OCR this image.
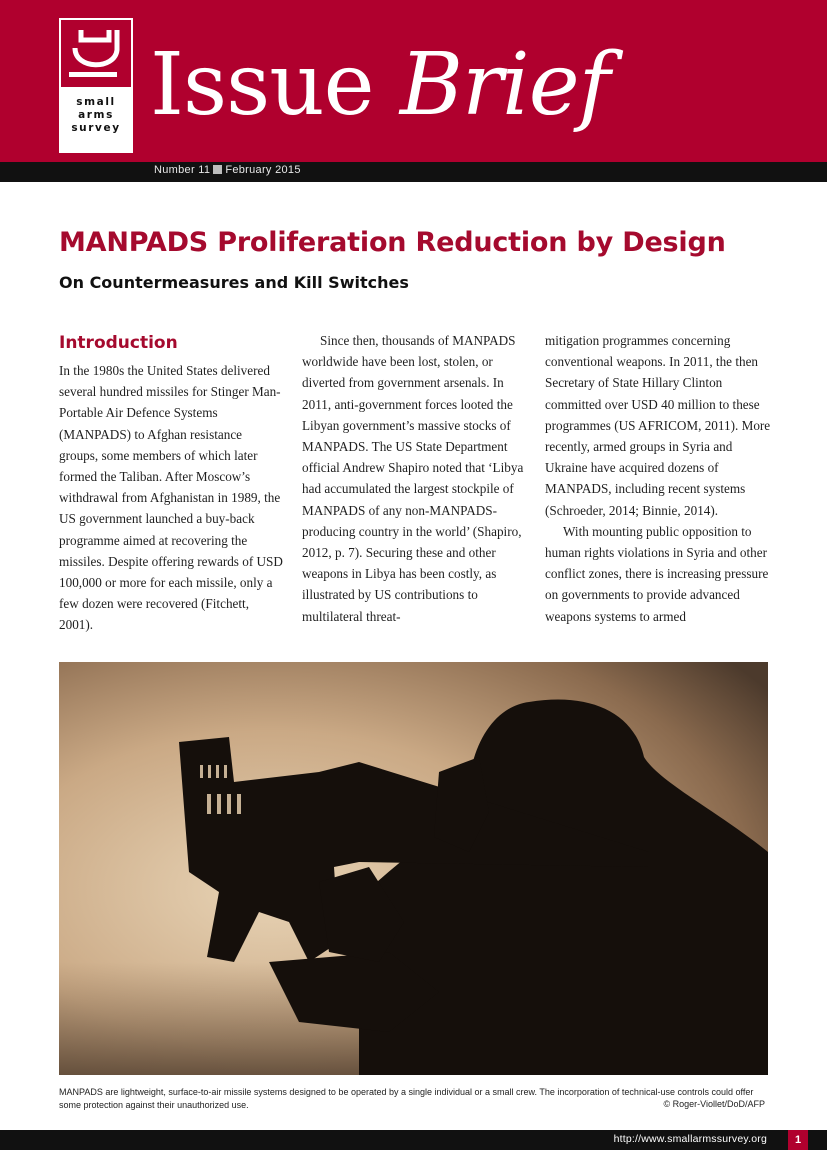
small
arms
survey Issue Brief
Number 11 February 2015
MANPADS Proliferation Reduction by Design
On Countermeasures and Kill Switches
Introduction

In the 1980s the United States delivered several hundred missiles for Stinger Man-Portable Air Defence Systems (MANPADS) to Afghan resistance groups, some members of which later formed the Taliban. After Moscow’s withdrawal from Afghanistan in 1989, the US government launched a buy-back programme aimed at recovering the missiles. Despite offering rewards of USD 100,000 or more for each missile, only a few dozen were recovered (Fitchett, 2001).

Since then, thousands of MANPADS worldwide have been lost, stolen, or diverted from government arsenals. In 2011, anti-government forces looted the Libyan government’s massive stocks of MANPADS. The US State Department official Andrew Shapiro noted that ‘Libya had accumulated the largest stockpile of MANPADS of any non-MANPADS-producing country in the world’ (Shapiro, 2012, p. 7). Securing these and other weapons in Libya has been costly, as illustrated by US contributions to multilateral threat-

mitigation programmes concerning conventional weapons. In 2011, the then Secretary of State Hillary Clinton committed over USD 40 million to these programmes (US AFRICOM, 2011). More recently, armed groups in Syria and Ukraine have acquired dozens of MANPADS, including recent systems (Schroeder, 2014; Binnie, 2014).

With mounting public opposition to human rights violations in Syria and other conflict zones, there is increasing pressure on governments to provide advanced weapons systems to armed

MANPADS are lightweight, surface-to-air missile systems designed to be operated by a single individual or a small crew. The incorporation of technical-use controls could offer some protection against their unauthorized use.	© Roger-Viollet/DoD/AFP
http://www.smallarmssurvey.org	1
